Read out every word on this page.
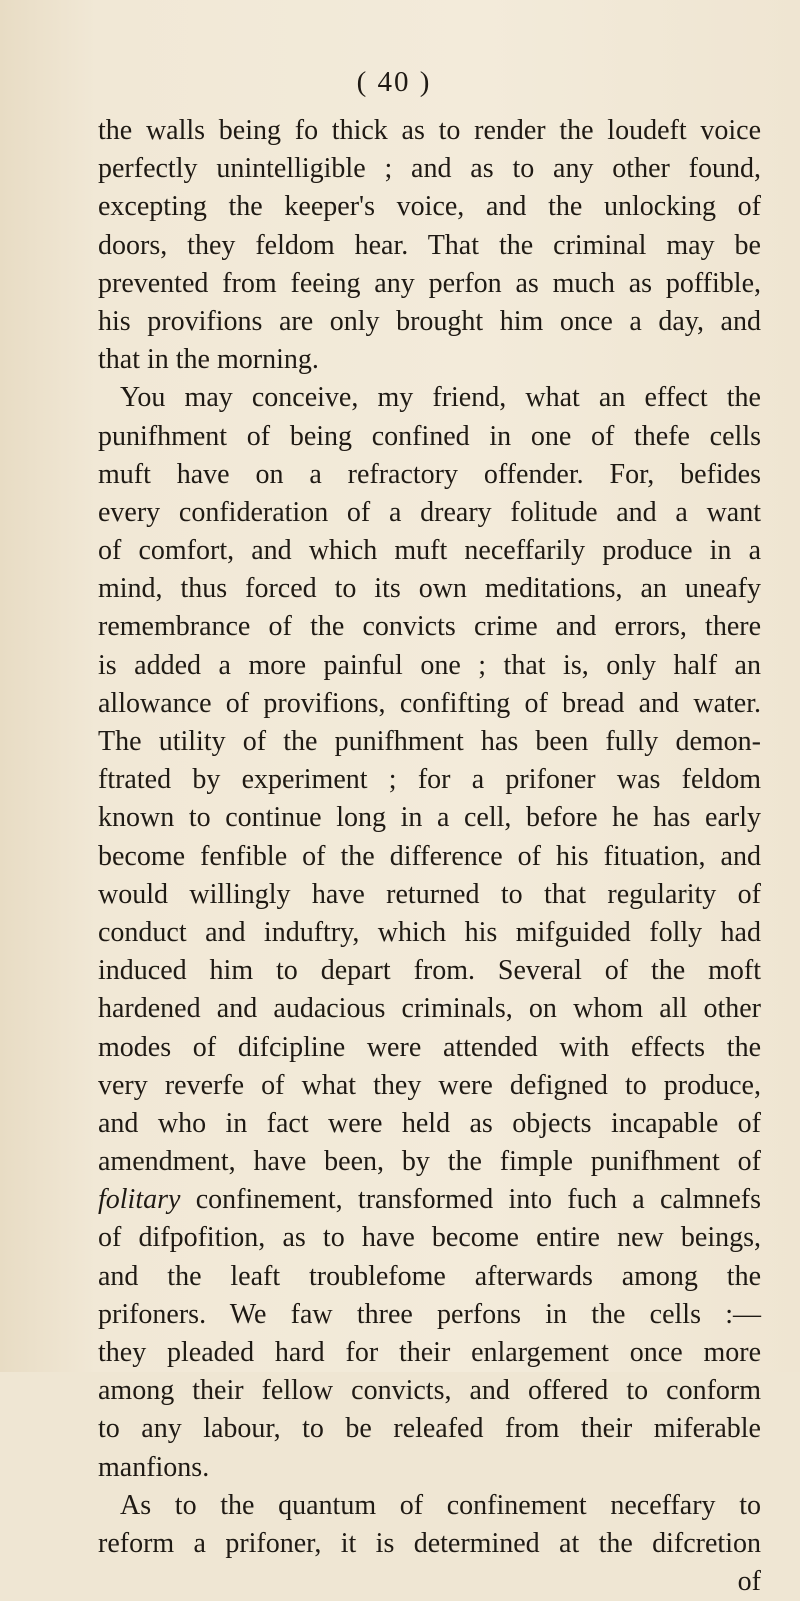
( 40 )
the walls being fo thick as to render the loudeft voice
perfectly unintelligible ; and as to any other found,
excepting the keeper's voice, and the unlocking of
doors, they feldom hear. That the criminal may be
prevented from feeing any perfon as much as poffible,
his provifions are only brought him once a day, and
that in the morning.
You may conceive, my friend, what an effect the
punifhment of being confined in one of thefe cells
muft have on a refractory offender. For, befides
every confideration of a dreary folitude and a want
of comfort, and which muft neceffarily produce in a
mind, thus forced to its own meditations, an uneafy
remembrance of the convicts crime and errors, there
is added a more painful one ; that is, only half an
allowance of provifions, confifting of bread and water.
The utility of the punifhment has been fully demon-
ftrated by experiment ; for a prifoner was feldom
known to continue long in a cell, before he has early
become fenfible of the difference of his fituation, and
would willingly have returned to that regularity of
conduct and induftry, which his mifguided folly had
induced him to depart from. Several of the moft
hardened and audacious criminals, on whom all other
modes of difcipline were attended with effects the
very reverfe of what they were defigned to produce,
and who in fact were held as objects incapable of
amendment, have been, by the fimple punifhment of
folitary confinement, transformed into fuch a calmnefs
of difpofition, as to have become entire new beings,
and the leaft troublefome afterwards among the
prifoners. We faw three perfons in the cells :—
they pleaded hard for their enlargement once more
among their fellow convicts, and offered to conform
to any labour, to be releafed from their miferable
manfions.
As to the quantum of confinement neceffary to
reform a prifoner, it is determined at the difcretion
of
